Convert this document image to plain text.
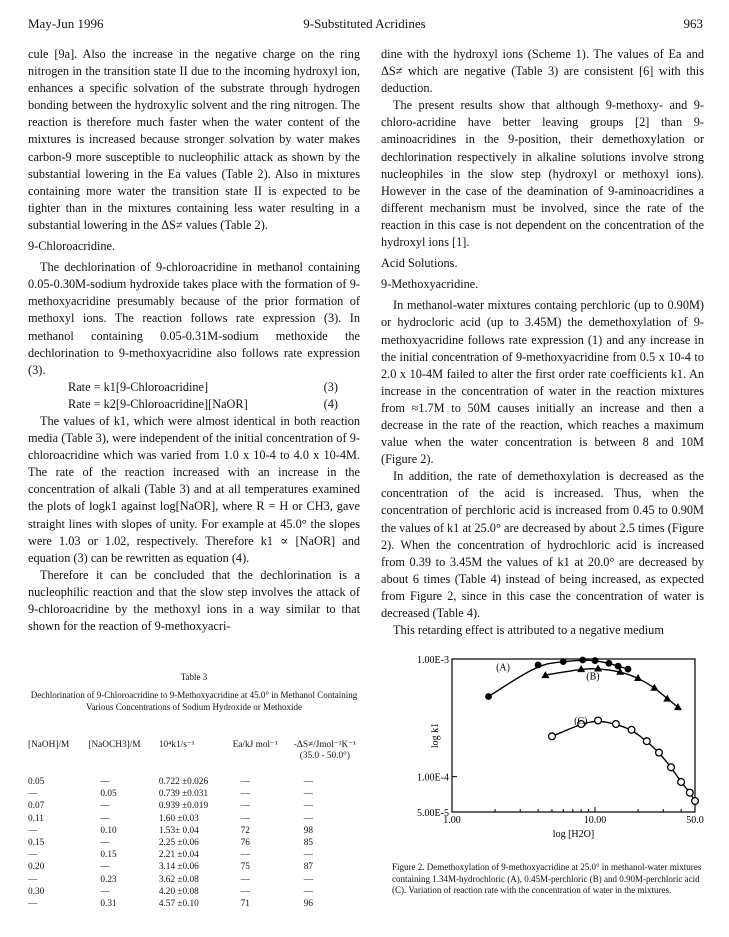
May-Jun 1996	9-Substituted Acridines	963

cule [9a]. Also the increase in the negative charge on the ring nitrogen in the transition state II due to the incoming hydroxyl ion, enhances a specific solvation of the substrate through hydrogen bonding between the hydroxylic solvent and the ring nitrogen. The reaction is therefore much faster when the water content of the mixtures is increased because stronger solvation by water makes carbon-9 more susceptible to nucleophilic attack as shown by the substantial lowering in the Ea values (Table 2). Also in mixtures containing more water the transition state II is expected to be tighter than in the mixtures containing less water resulting in a substantial lowering in the ΔS≠ values (Table 2).

9-Chloroacridine.

The dechlorination of 9-chloroacridine in methanol containing 0.05-0.30M-sodium hydroxide takes place with the formation of 9-methoxyacridine presumably because of the prior formation of methoxyl ions. The reaction follows rate expression (3). In methanol containing 0.05-0.31M-sodium methoxide the dechlorination to 9-methoxyacridine also follows rate expression (3).

Rate = k1[9-Chloroacridine]	(3)
Rate = k2[9-Chloroacridine][NaOR]	(4)

The values of k1, which were almost identical in both reaction media (Table 3), were independent of the initial concentration of 9-chloroacridine which was varied from 1.0 x 10-4 to 4.0 x 10-4M. The rate of the reaction increased with an increase in the concentration of alkali (Table 3) and at all temperatures examined the plots of logk1 against log[NaOR], where R = H or CH3, gave straight lines with slopes of unity. For example at 45.0° the slopes were 1.03 or 1.02, respectively. Therefore k1 ∝ [NaOR] and equation (3) can be rewritten as equation (4).

Therefore it can be concluded that the dechlorination is a nucleophilic reaction and that the slow step involves the attack of 9-chloroacridine by the methoxyl ions in a way similar to that shown for the reaction of 9-methoxyacri-

Table 3
Dechlorination of 9-Chloroacridine to 9-Methoxyacridine at 45.0° in Methanol Containing Various Concentrations of Sodium Hydroxide or Methoxide
[NaOH]/M	[NaOCH3]/M	10⁴k1/s⁻¹	Ea/kJ mol⁻¹	-ΔS≠/Jmol⁻¹K⁻¹ (35.0 - 50.0°)

0.05	—	0.722 ±0.026	—	—
—	0.05	0.739 ±0.031	—	—
0.07	—	0.939 ±0.019	—	—
0.11	—	1.60 ±0.03	—	—
—	0.10	1.53± 0.04	72	98
0.15	—	2.25 ±0.06	76	85
—	0.15	2.21 ±0.04	—	—
0.20	—	3.14 ±0.06	75	87
—	0.23	3.62 ±0.08	—	—
0.30	—	4.20 ±0.08	—	—
—	0.31	4.57 ±0.10	71	96

dine with the hydroxyl ions (Scheme 1). The values of Ea and ΔS≠ which are negative (Table 3) are consistent [6] with this deduction.

The present results show that although 9-methoxy- and 9-chloro-acridine have better leaving groups [2] than 9-aminoacridines in the 9-position, their demethoxylation or dechlorination respectively in alkaline solutions involve strong nucleophiles in the slow step (hydroxyl or methoxyl ions). However in the case of the deamination of 9-aminoacridines a different mechanism must be involved, since the rate of the reaction in this case is not dependent on the concentration of the hydroxyl ions [1].

Acid Solutions.
9-Methoxyacridine.

In methanol-water mixtures containg perchloric (up to 0.90M) or hydrocloric acid (up to 3.45M) the demethoxylation of 9-methoxyacridine follows rate expression (1) and any increase in the initial concentration of 9-methoxyacridine from 0.5 x 10-4 to 2.0 x 10-4M failed to alter the first order rate coefficients k1. An increase in the concentration of water in the reaction mixtures from ≈1.7M to 50M causes initially an increase and then a decrease in the rate of the reaction, which reaches a maximum value when the water concentration is between 8 and 10M (Figure 2).

In addition, the rate of demethoxylation is decreased as the concentration of the acid is increased. Thus, when the concentration of perchloric acid is increased from 0.45 to 0.90M the values of k1 at 25.0° are decreased by about 2.5 times (Figure 2). When the concentration of hydrochloric acid is increased from 0.39 to 3.45M the values of k1 at 20.0° are decreased by about 6 times (Table 4) instead of being increased, as expected from Figure 2, since in this case the concentration of water is decreased (Table 4).

This retarding effect is attributed to a negative medium

1.00	10.00	50.0
1.00E-3
1.00E-4
5.00E-5
log [H2O]
log k1
(A)
(B)
(C)
Figure 2. Demethoxylation of 9-methoxyacridine at 25.0° in methanol-water mixtures containing 1.34M-hydrochloric (A), 0.45M-perchloric (B) and 0.90M-perchloric acid (C). Variation of reaction rate with the concentration of water in the mixtures.
